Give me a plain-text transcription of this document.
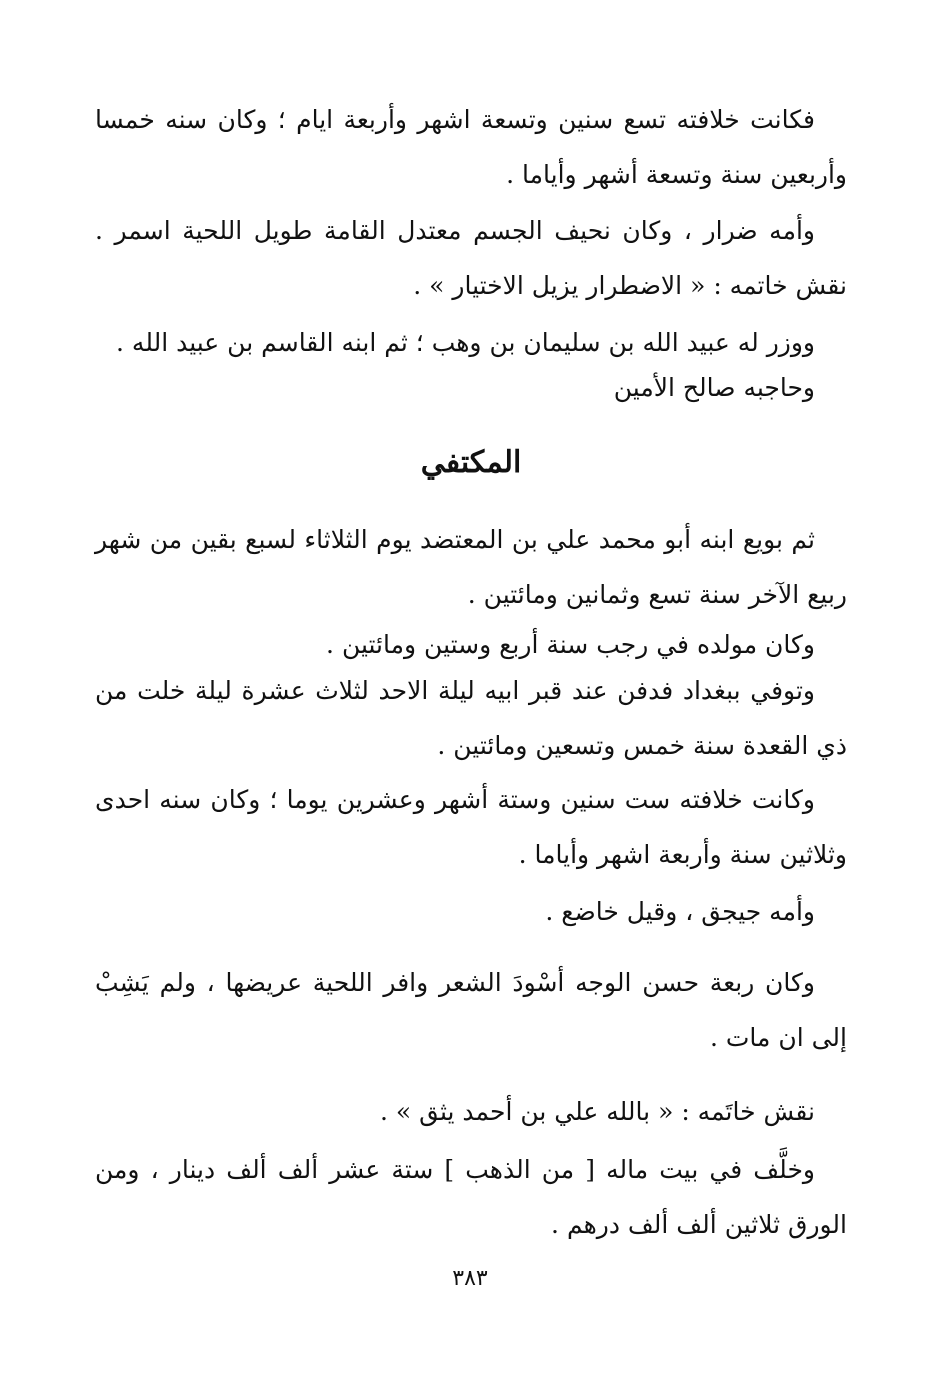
فكانت خلافته تسع سنين وتسعة اشهر وأربعة ايام ؛ وكان سنه خمسا وأربعين سنة وتسعة أشهر وأياما .

وأمه ضرار ، وكان نحيف الجسم معتدل القامة طويل اللحية اسمر . نقش خاتمه : « الاضطرار يزيل الاختيار » .

ووزر له عبيد الله بن سليمان بن وهب ؛ ثم ابنه القاسم بن عبيد الله .

وحاجبه صالح الأمين

المكتفي

ثم بويع ابنه أبو محمد علي بن المعتضد يوم الثلاثاء لسبع بقين من شهر ربيع الآخر سنة تسع وثمانين ومائتين .

وكان مولده في رجب سنة أربع وستين ومائتين .

وتوفي ببغداد فدفن عند قبر ابيه ليلة الاحد لثلاث عشرة ليلة خلت من ذي القعدة سنة خمس وتسعين ومائتين .

وكانت خلافته ست سنين وستة أشهر وعشرين يوما ؛ وكان سنه احدى وثلاثين سنة وأربعة اشهر وأياما .

وأمه جيجق ، وقيل خاضع .

وكان ربعة حسن الوجه أسْودَ الشعر وافر اللحية عريضها ، ولم يَشِبْ إلى ان مات .

نقش خاتَمه : « بالله علي بن أحمد يثق » .

وخلَّف في بيت ماله [ من الذهب ] ستة عشر ألف ألف دينار ، ومن الورق ثلاثين ألف ألف درهم .

٣٨٣
